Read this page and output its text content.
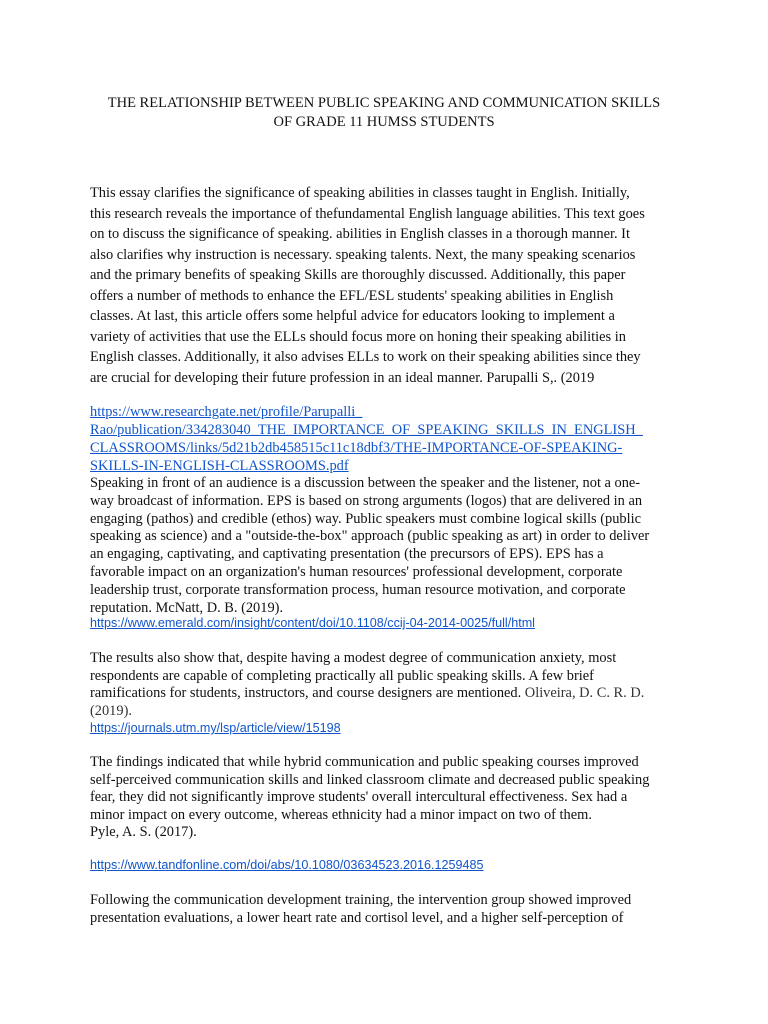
THE RELATIONSHIP BETWEEN PUBLIC SPEAKING AND COMMUNICATION SKILLS
OF GRADE 11 HUMSS STUDENTS
This essay clarifies the significance of speaking abilities in classes taught in English. Initially,
this research reveals the importance of thefundamental English language abilities. This text goes
on to discuss the significance of speaking. abilities in English classes in a thorough manner. It
also clarifies why instruction is necessary. speaking talents. Next, the many speaking scenarios
and the primary benefits of speaking Skills are thoroughly discussed. Additionally, this paper
offers a number of methods to enhance the EFL/ESL students' speaking abilities in English
classes. At last, this article offers some helpful advice for educators looking to implement a
variety of activities that use the ELLs should focus more on honing their speaking abilities in
English classes. Additionally, it also advises ELLs to work on their speaking abilities since they
are crucial for developing their future profession in an ideal manner. Parupalli S,. (2019
https://www.researchgate.net/profile/Parupalli_
Rao/publication/334283040_THE_IMPORTANCE_OF_SPEAKING_SKILLS_IN_ENGLISH_
CLASSROOMS/links/5d21b2db458515c11c18dbf3/THE-IMPORTANCE-OF-SPEAKING-
SKILLS-IN-ENGLISH-CLASSROOMS.pdf
Speaking in front of an audience is a discussion between the speaker and the listener, not a one-
way broadcast of information. EPS is based on strong arguments (logos) that are delivered in an
engaging (pathos) and credible (ethos) way. Public speakers must combine logical skills (public
speaking as science) and a "outside-the-box" approach (public speaking as art) in order to deliver
an engaging, captivating, and captivating presentation (the precursors of EPS). EPS has a
favorable impact on an organization's human resources' professional development, corporate
leadership trust, corporate transformation process, human resource motivation, and corporate
reputation. McNatt, D. B. (2019).
https://www.emerald.com/insight/content/doi/10.1108/ccij-04-2014-0025/full/html
The results also show that, despite having a modest degree of communication anxiety, most
respondents are capable of completing practically all public speaking skills. A few brief
ramifications for students, instructors, and course designers are mentioned. Oliveira, D. C. R. D.
(2019).
https://journals.utm.my/lsp/article/view/15198
The findings indicated that while hybrid communication and public speaking courses improved
self-perceived communication skills and linked classroom climate and decreased public speaking
fear, they did not significantly improve students' overall intercultural effectiveness. Sex had a
minor impact on every outcome, whereas ethnicity had a minor impact on two of them.
Pyle, A. S. (2017).
https://www.tandfonline.com/doi/abs/10.1080/03634523.2016.1259485
Following the communication development training, the intervention group showed improved
presentation evaluations, a lower heart rate and cortisol level, and a higher self-perception of
